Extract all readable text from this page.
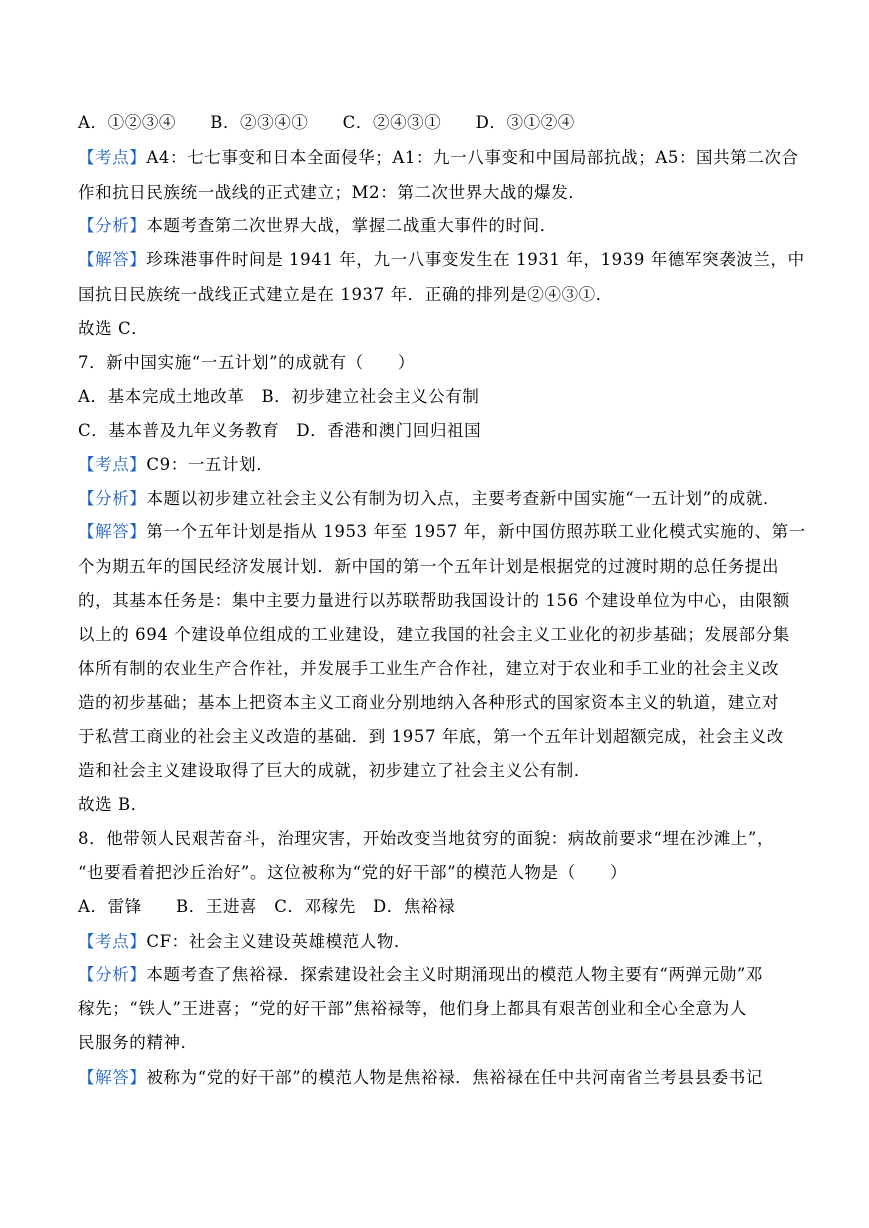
A．①②③④　　B．②③④①　　C．②④③①　　D．③①②④
【考点】A4：七七事变和日本全面侵华；A1：九一八事变和中国局部抗战；A5：国共第二次合
作和抗日民族统一战线的正式建立；M2：第二次世界大战的爆发．
【分析】本题考查第二次世界大战，掌握二战重大事件的时间．
【解答】珍珠港事件时间是 1941 年，九一八事变发生在 1931 年，1939 年德军突袭波兰，中
国抗日民族统一战线正式建立是在 1937 年．正确的排列是②④③①．
故选 C．
7．新中国实施“一五计划”的成就有（　　）
A．基本完成土地改革　B．初步建立社会主义公有制
C．基本普及九年义务教育　D．香港和澳门回归祖国
【考点】C9：一五计划．
【分析】本题以初步建立社会主义公有制为切入点，主要考查新中国实施“一五计划”的成就．
【解答】第一个五年计划是指从 1953 年至 1957 年，新中国仿照苏联工业化模式实施的、第一
个为期五年的国民经济发展计划．新中国的第一个五年计划是根据党的过渡时期的总任务提出
的，其基本任务是：集中主要力量进行以苏联帮助我国设计的 156 个建设单位为中心，由限额
以上的 694 个建设单位组成的工业建设，建立我国的社会主义工业化的初步基础；发展部分集
体所有制的农业生产合作社，并发展手工业生产合作社，建立对于农业和手工业的社会主义改
造的初步基础；基本上把资本主义工商业分别地纳入各种形式的国家资本主义的轨道，建立对
于私营工商业的社会主义改造的基础．到 1957 年底，第一个五年计划超额完成，社会主义改
造和社会主义建设取得了巨大的成就，初步建立了社会主义公有制．
故选 B．
8．他带领人民艰苦奋斗，治理灾害，开始改变当地贫穷的面貌：病故前要求“埋在沙滩上”，
“也要看着把沙丘治好”。这位被称为“党的好干部”的模范人物是（　　）
A．雷锋　　B．王进喜　C．邓稼先　D．焦裕禄
【考点】CF：社会主义建设英雄模范人物．
【分析】本题考查了焦裕禄．探索建设社会主义时期涌现出的模范人物主要有“两弹元勋”邓
稼先；“铁人”王进喜；“党的好干部”焦裕禄等，他们身上都具有艰苦创业和全心全意为人
民服务的精神．
【解答】被称为“党的好干部”的模范人物是焦裕禄．焦裕禄在任中共河南省兰考县县委书记
